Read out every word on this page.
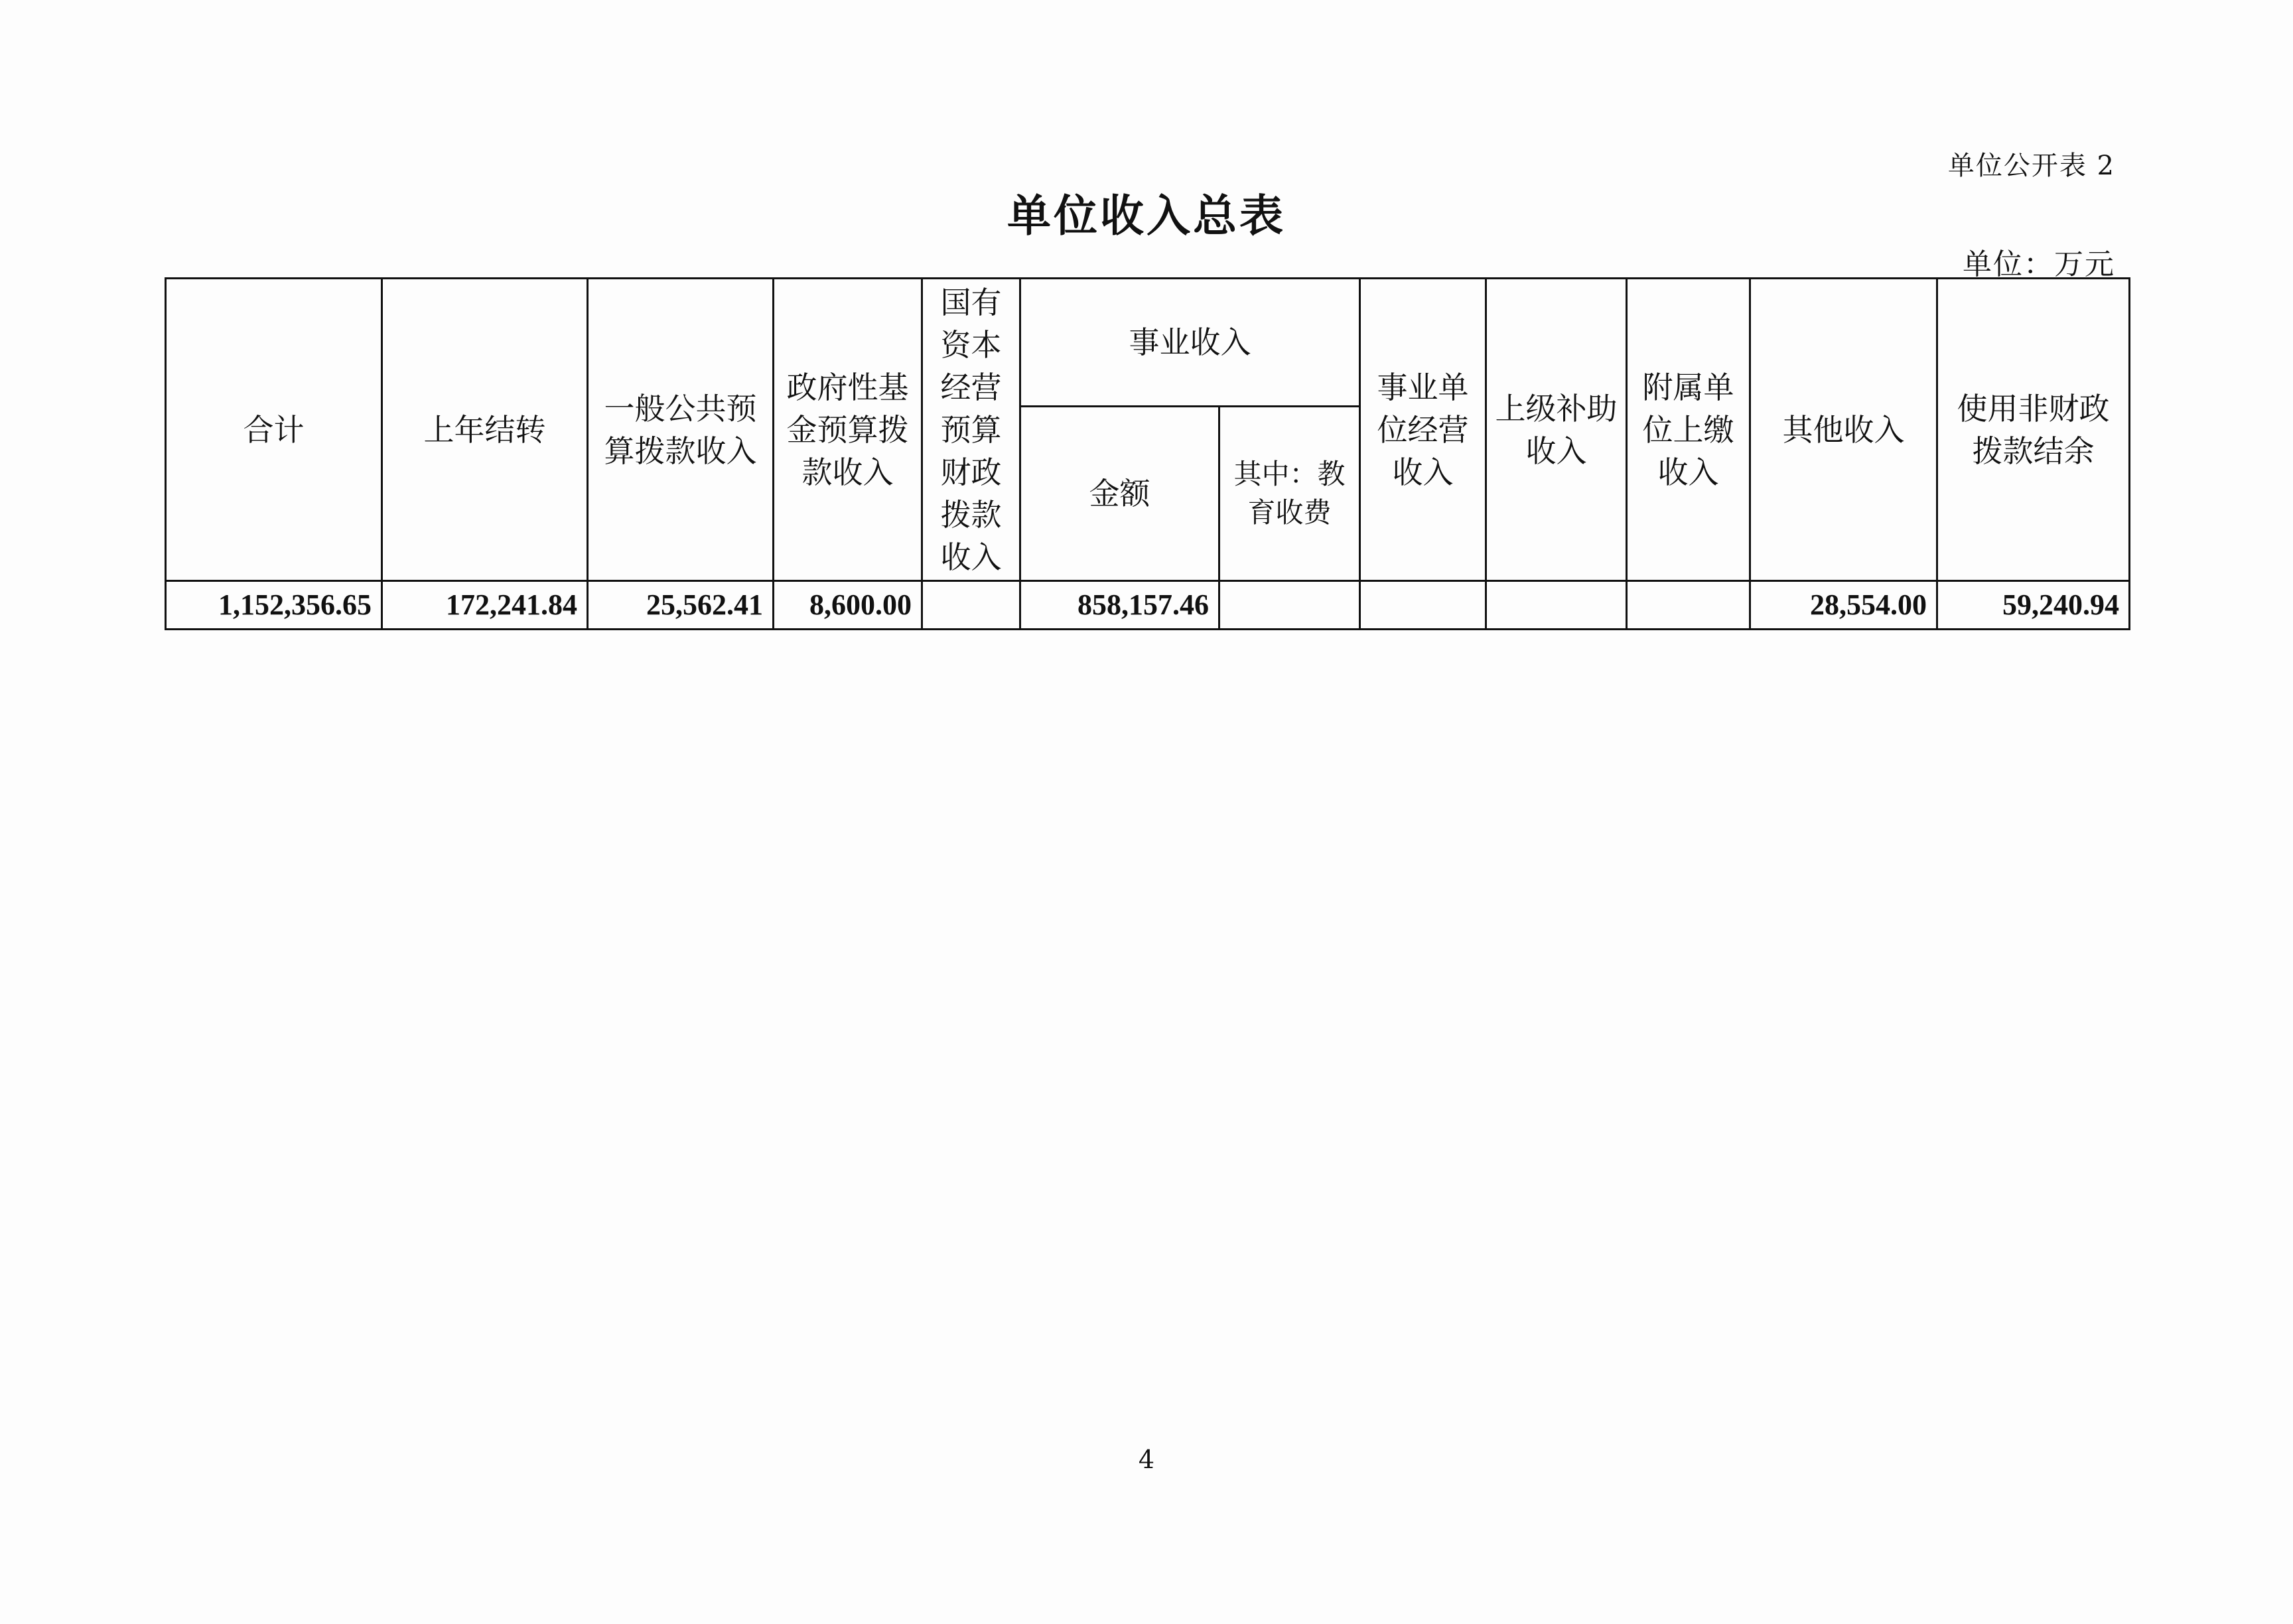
单位公开表 2
单位收入总表
单位：万元
合计	上年结转	一般公共预算拨款收入	政府性基金预算拨款收入	国有资本经营预算财政拨款收入	事业收入		事业单位经营收入	上级补助收入	附属单位上缴收入	其他收入	使用非财政拨款结余
					金额	其中：教育收费					
1,152,356.65	172,241.84	25,562.41	8,600.00		858,157.46					28,554.00	59,240.94
4
